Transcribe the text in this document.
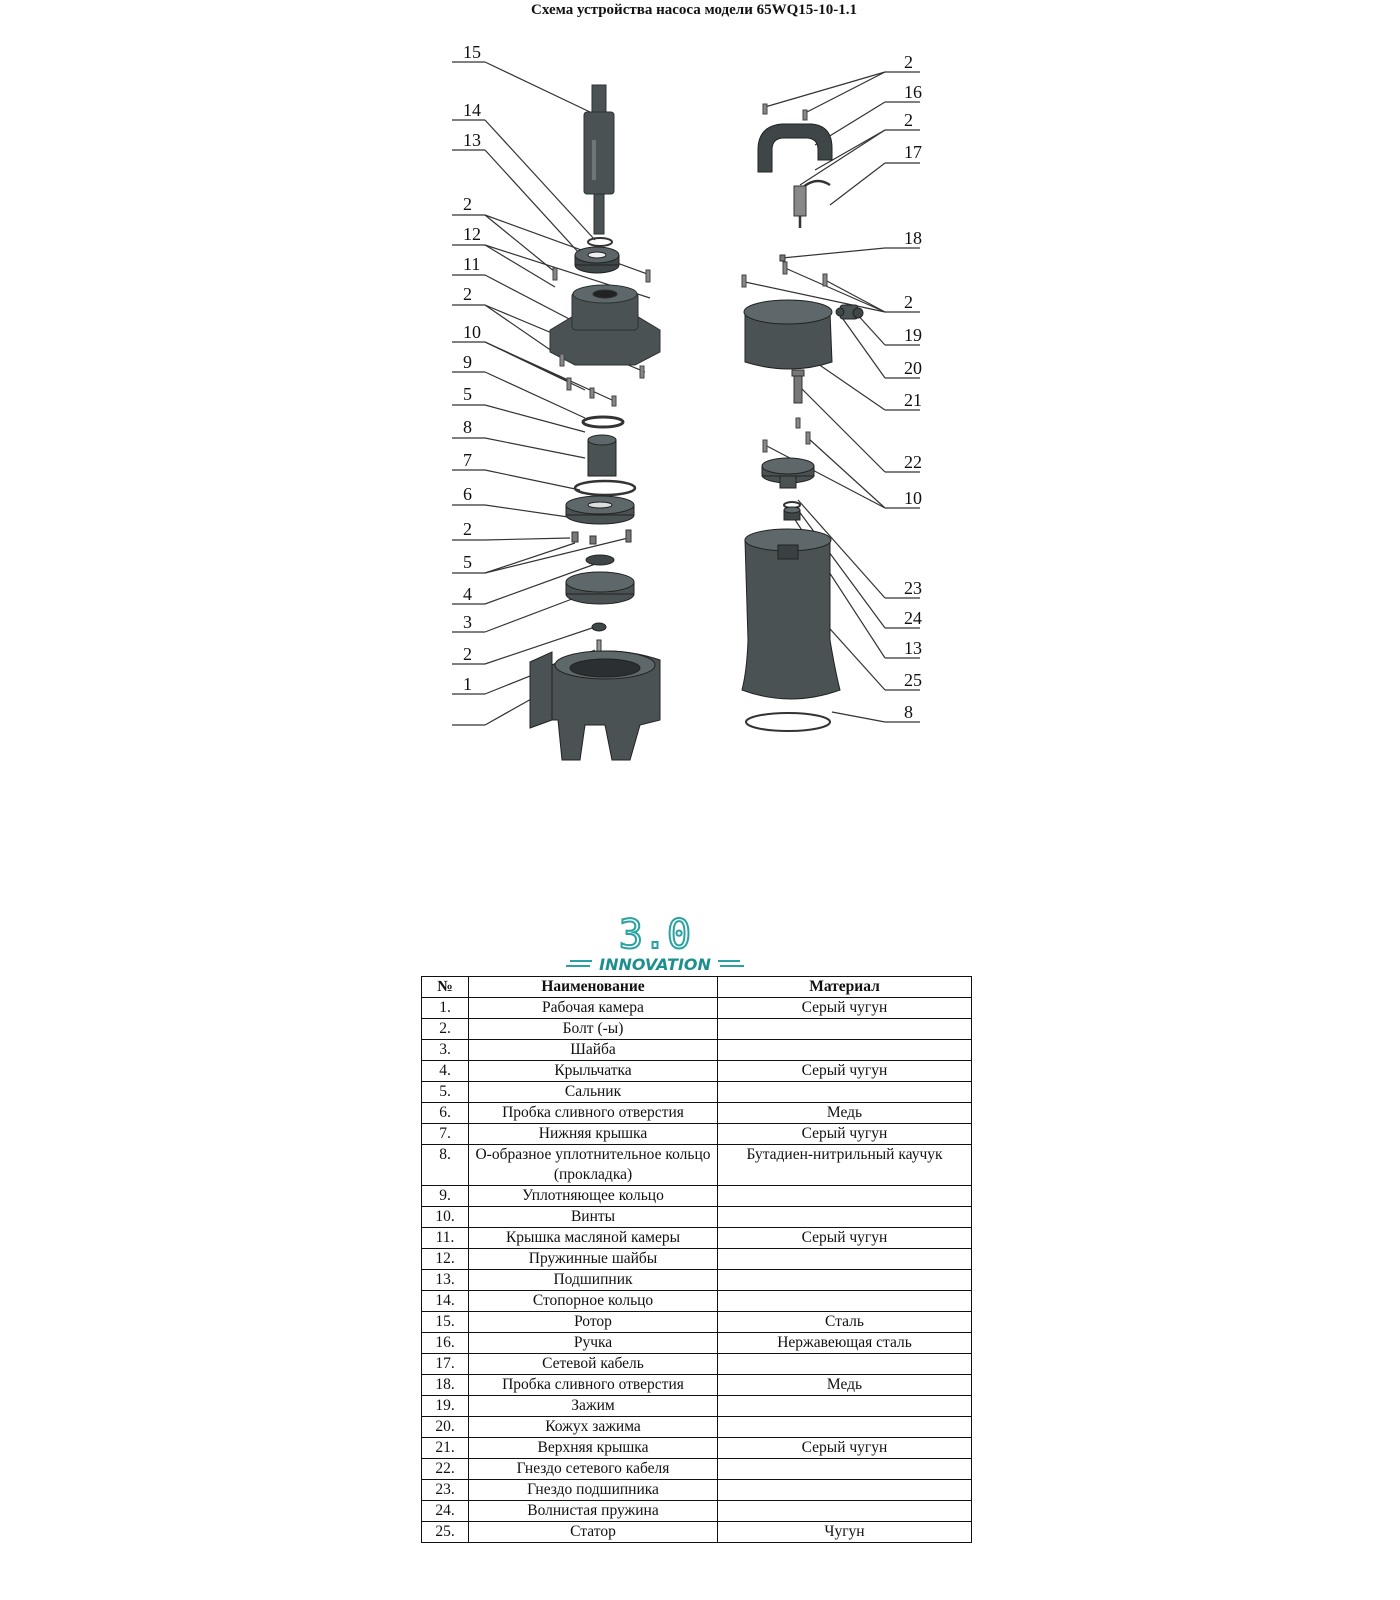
Схема устройства насоса модели 65WQ15-10-1.1
15
14
13
2
12
11
2
10
9
5
8
7
6
2
5
4
3
2
1
2
16
2
17
18
2
19
20
21
22
10
23
24
13
25
8
3.0
INNOVATION
№	Наименование	Материал
1.	Рабочая камера	Серый чугун
2.	Болт (-ы)	
3.	Шайба	
4.	Крыльчатка	Серый чугун
5.	Сальник	
6.	Пробка сливного отверстия	Медь
7.	Нижняя крышка	Серый чугун
8.	О-образное уплотнительное кольцо (прокладка)	Бутадиен-нитрильный каучук
9.	Уплотняющее кольцо	
10.	Винты	
11.	Крышка масляной камеры	Серый чугун
12.	Пружинные шайбы	
13.	Подшипник	
14.	Стопорное кольцо	
15.	Ротор	Сталь
16.	Ручка	Нержавеющая сталь
17.	Сетевой кабель	
18.	Пробка сливного отверстия	Медь
19.	Зажим	
20.	Кожух зажима	
21.	Верхняя крышка	Серый чугун
22.	Гнездо сетевого кабеля	
23.	Гнездо подшипника	
24.	Волнистая пружина	
25.	Статор	Чугун
